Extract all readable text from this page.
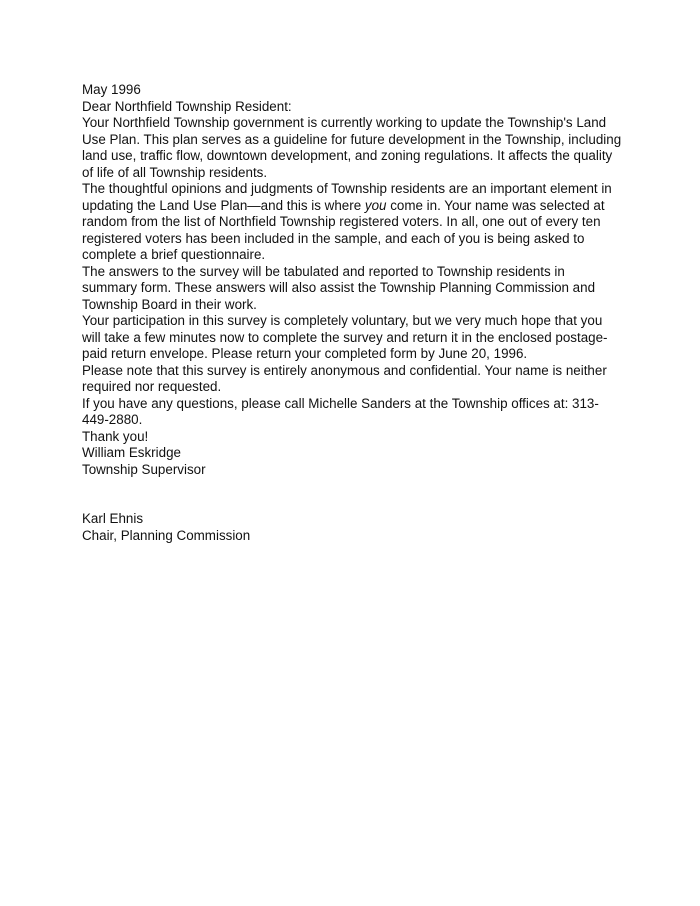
May 1996

Dear Northfield Township Resident:

Your Northfield Township government is currently working to update the Township's Land Use Plan. This plan serves as a guideline for future development in the Township, including land use, traffic flow, downtown development, and zoning regulations. It affects the quality of life of all Township residents.

The thoughtful opinions and judgments of Township residents are an important element in updating the Land Use Plan—and this is where you come in. Your name was selected at random from the list of Northfield Township registered voters. In all, one out of every ten registered voters has been included in the sample, and each of you is being asked to complete a brief questionnaire.

The answers to the survey will be tabulated and reported to Township residents in summary form. These answers will also assist the Township Planning Commission and Township Board in their work.

Your participation in this survey is completely voluntary, but we very much hope that you will take a few minutes now to complete the survey and return it in the enclosed postage-paid return envelope. Please return your completed form by June 20, 1996.

Please note that this survey is entirely anonymous and confidential. Your name is neither required nor requested.

If you have any questions, please call Michelle Sanders at the Township offices at: 313-449-2880.

Thank you!

William Eskridge
Township Supervisor
Karl Ehnis
Chair, Planning Commission
